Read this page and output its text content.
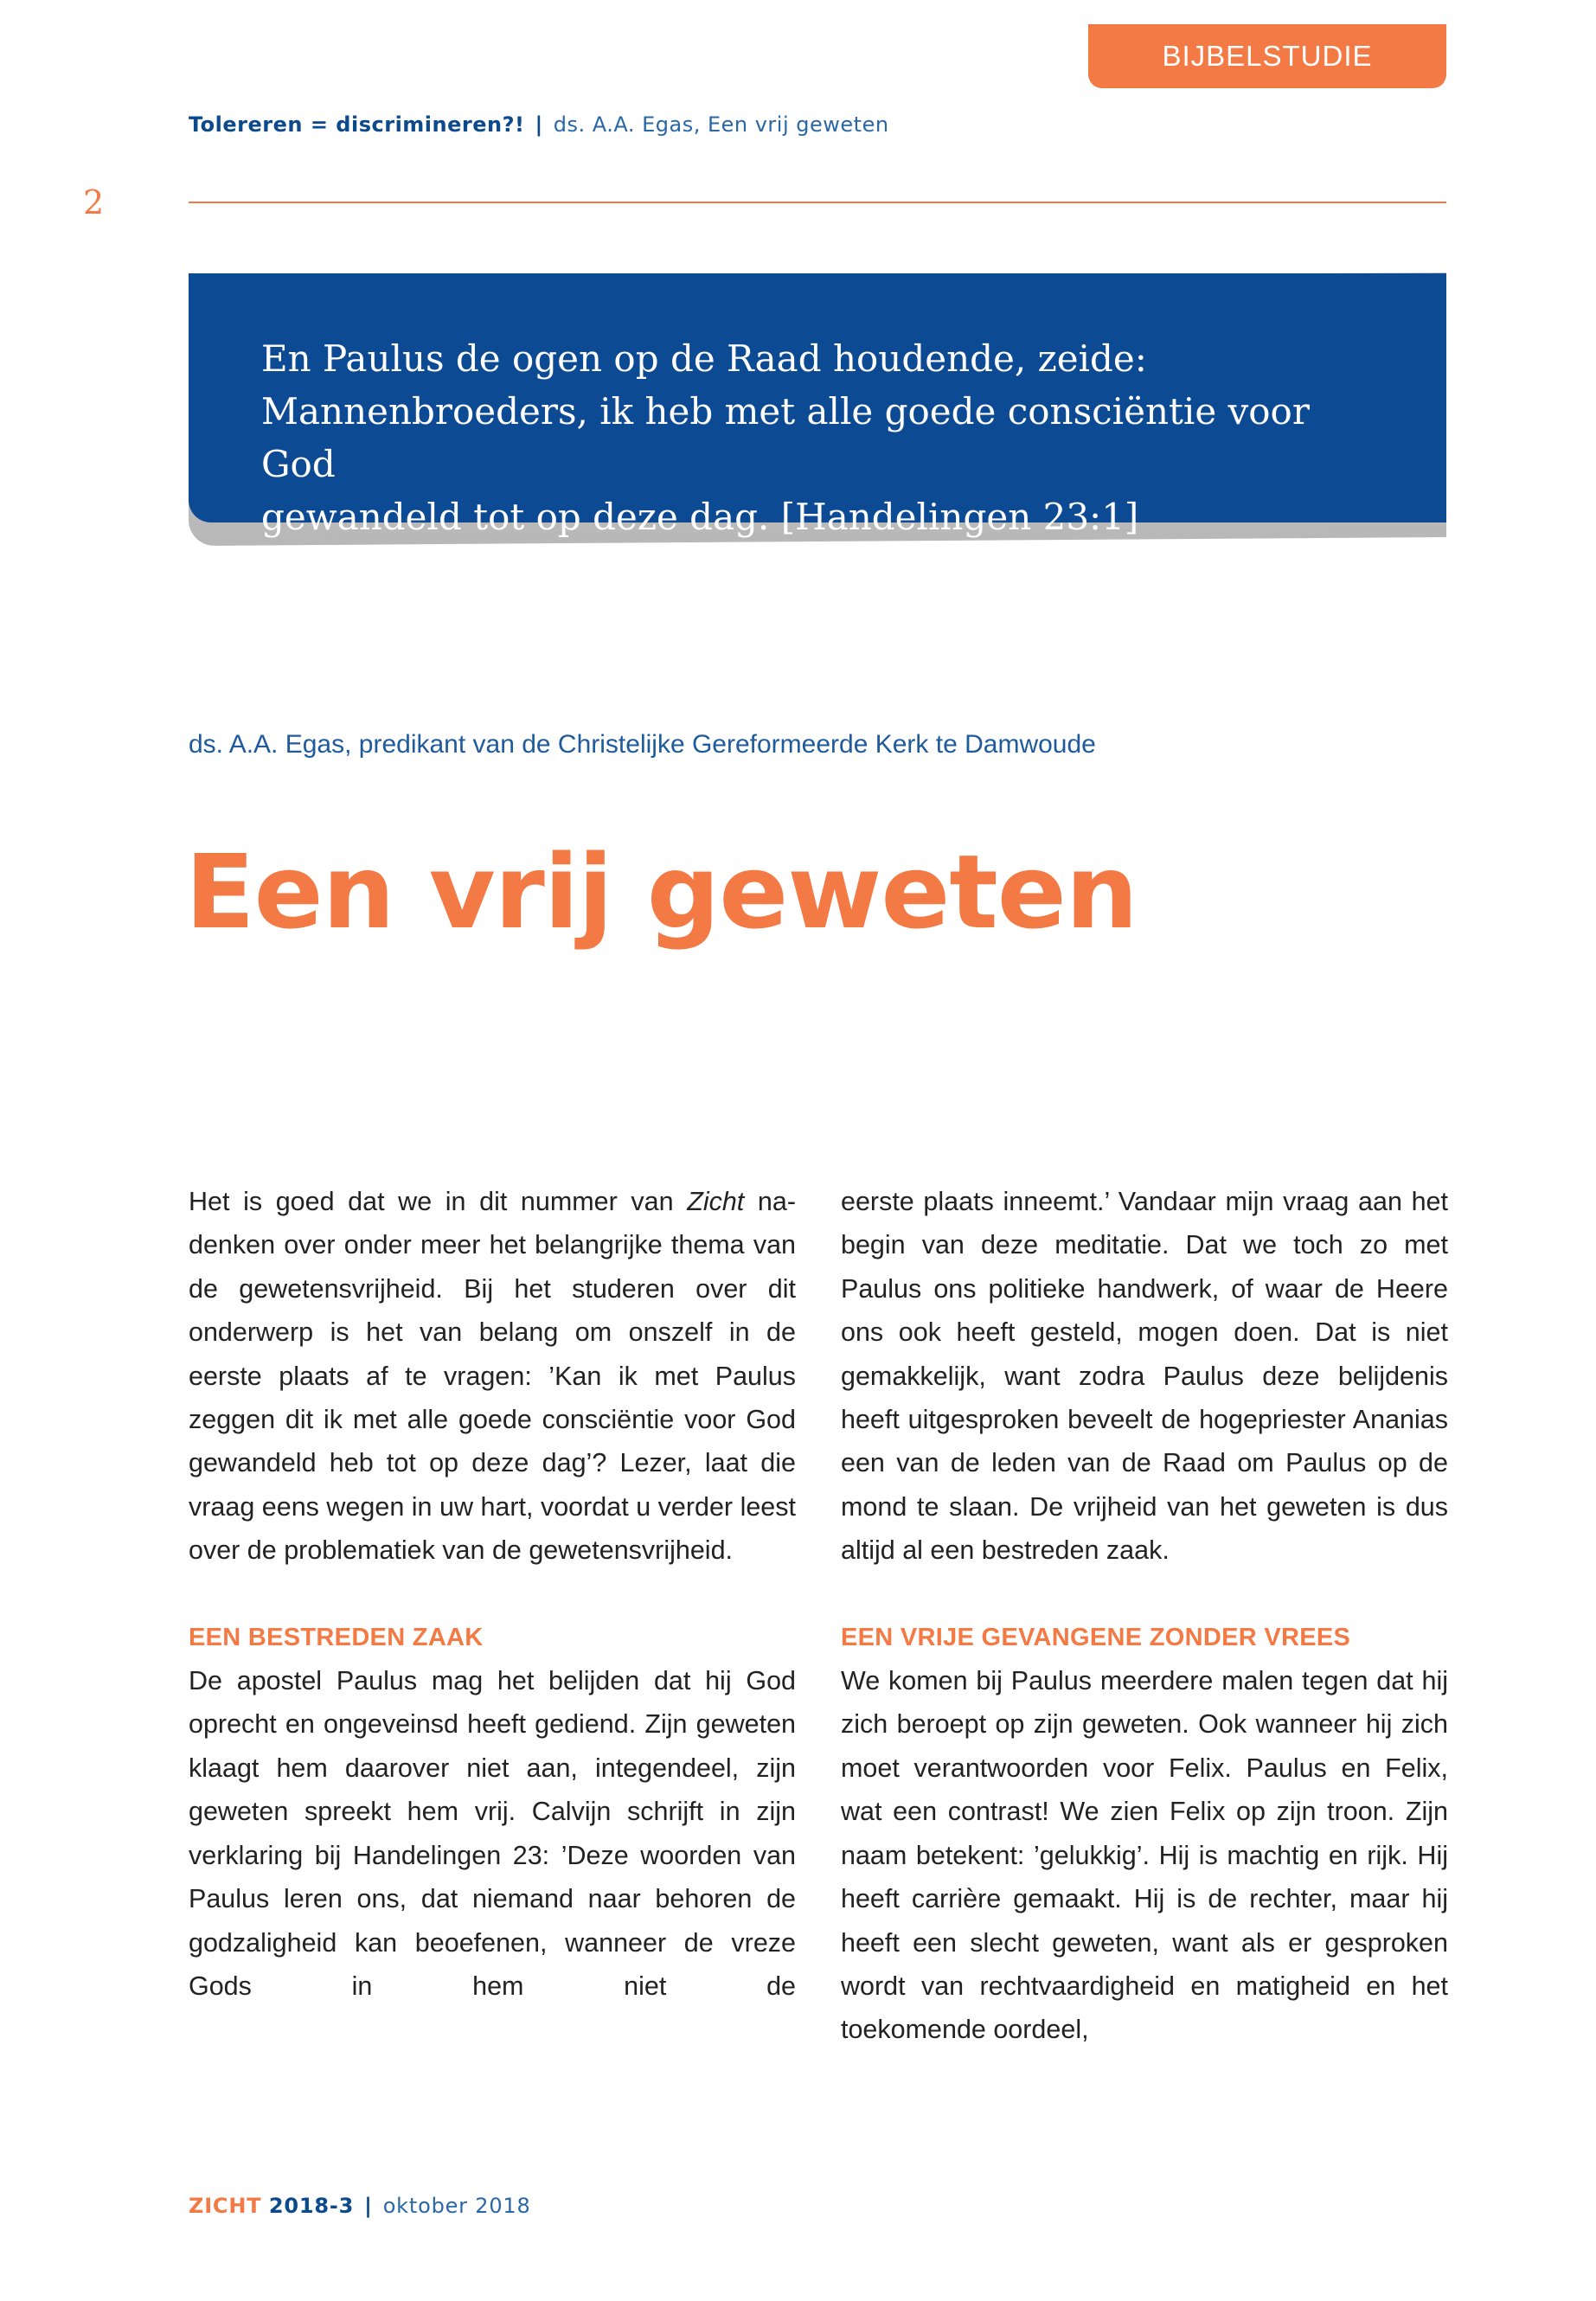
BIJBELSTUDIE
Tolereren = discrimineren?! | ds. A.A. Egas, Een vrij geweten
2
En Paulus de ogen op de Raad houdende, zeide:
Mannenbroeders, ik heb met alle goede consciëntie voor God
gewandeld tot op deze dag. [Handelingen 23:1]
ds. A.A. Egas, predikant van de Christelijke Gereformeerde Kerk te Damwoude
Een vrij geweten

Het is goed dat we in dit nummer van Zicht nadenken over onder meer het belangrijke thema van de gewetensvrijheid. Bij het studeren over dit onderwerp is het van belang om onszelf in de eerste plaats af te vragen: ’Kan ik met Paulus zeggen dit ik met alle goede consciëntie voor God gewandeld heb tot op deze dag’? Lezer, laat die vraag eens wegen in uw hart, voordat u verder leest over de problematiek van de gewetensvrijheid.

EEN BESTREDEN ZAAK

De apostel Paulus mag het belijden dat hij God oprecht en ongeveinsd heeft gediend. Zijn geweten klaagt hem daarover niet aan, integendeel, zijn geweten spreekt hem vrij. Calvijn schrijft in zijn verklaring bij Handelingen 23: ’Deze woorden van Paulus leren ons, dat niemand naar behoren de godzaligheid kan beoefenen, wanneer de vreze Gods in hem niet de

eerste plaats inneemt.’ Vandaar mijn vraag aan het begin van deze meditatie. Dat we toch zo met Paulus ons politieke handwerk, of waar de Heere ons ook heeft gesteld, mogen doen. Dat is niet gemakkelijk, want zodra Paulus deze belijdenis heeft uitgesproken beveelt de hogepriester Ananias een van de leden van de Raad om Paulus op de mond te slaan. De vrijheid van het geweten is dus altijd al een bestreden zaak.

EEN VRIJE GEVANGENE ZONDER VREES

We komen bij Paulus meerdere malen tegen dat hij zich beroept op zijn geweten. Ook wanneer hij zich moet verantwoorden voor Felix. Paulus en Felix, wat een contrast! We zien Felix op zijn troon. Zijn naam betekent: ’gelukkig’. Hij is machtig en rijk. Hij heeft carrière gemaakt. Hij is de rechter, maar hij heeft een slecht geweten, want als er gesproken wordt van rechtvaardigheid en matigheid en het toekomende oordeel,

ZICHT 2018-3 | oktober 2018
